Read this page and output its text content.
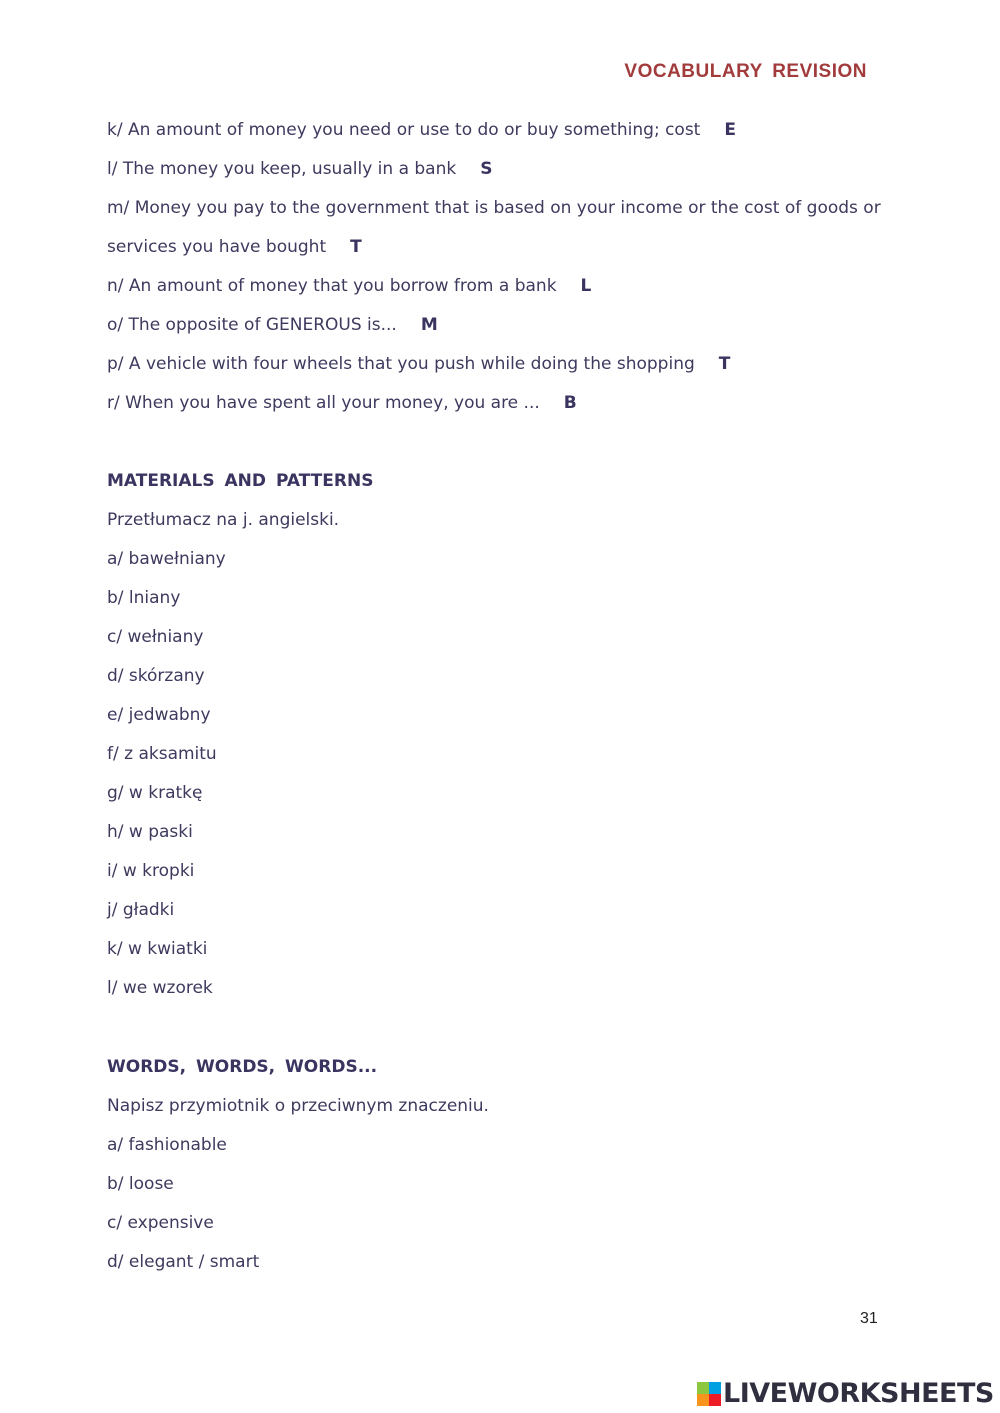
VOCABULARY REVISION
k/ An amount of money you need or use to do or buy something; cost E
l/ The money you keep, usually in a bank S
m/ Money you pay to the government that is based on your income or the cost of goods or
services you have bought T
n/ An amount of money that you borrow from a bank L
o/ The opposite of GENEROUS is... M
p/ A vehicle with four wheels that you push while doing the shopping T
r/ When you have spent all your money, you are ... B
MATERIALS AND PATTERNS
Przetłumacz na j. angielski.
a/ bawełniany
b/ lniany
c/ wełniany
d/ skórzany
e/ jedwabny
f/ z aksamitu
g/ w kratkę
h/ w paski
i/ w kropki
j/ gładki
k/ w kwiatki
l/ we wzorek
WORDS, WORDS, WORDS...
Napisz przymiotnik o przeciwnym znaczeniu.
a/ fashionable
b/ loose
c/ expensive
d/ elegant / smart
31
LIVEWORKSHEETS
